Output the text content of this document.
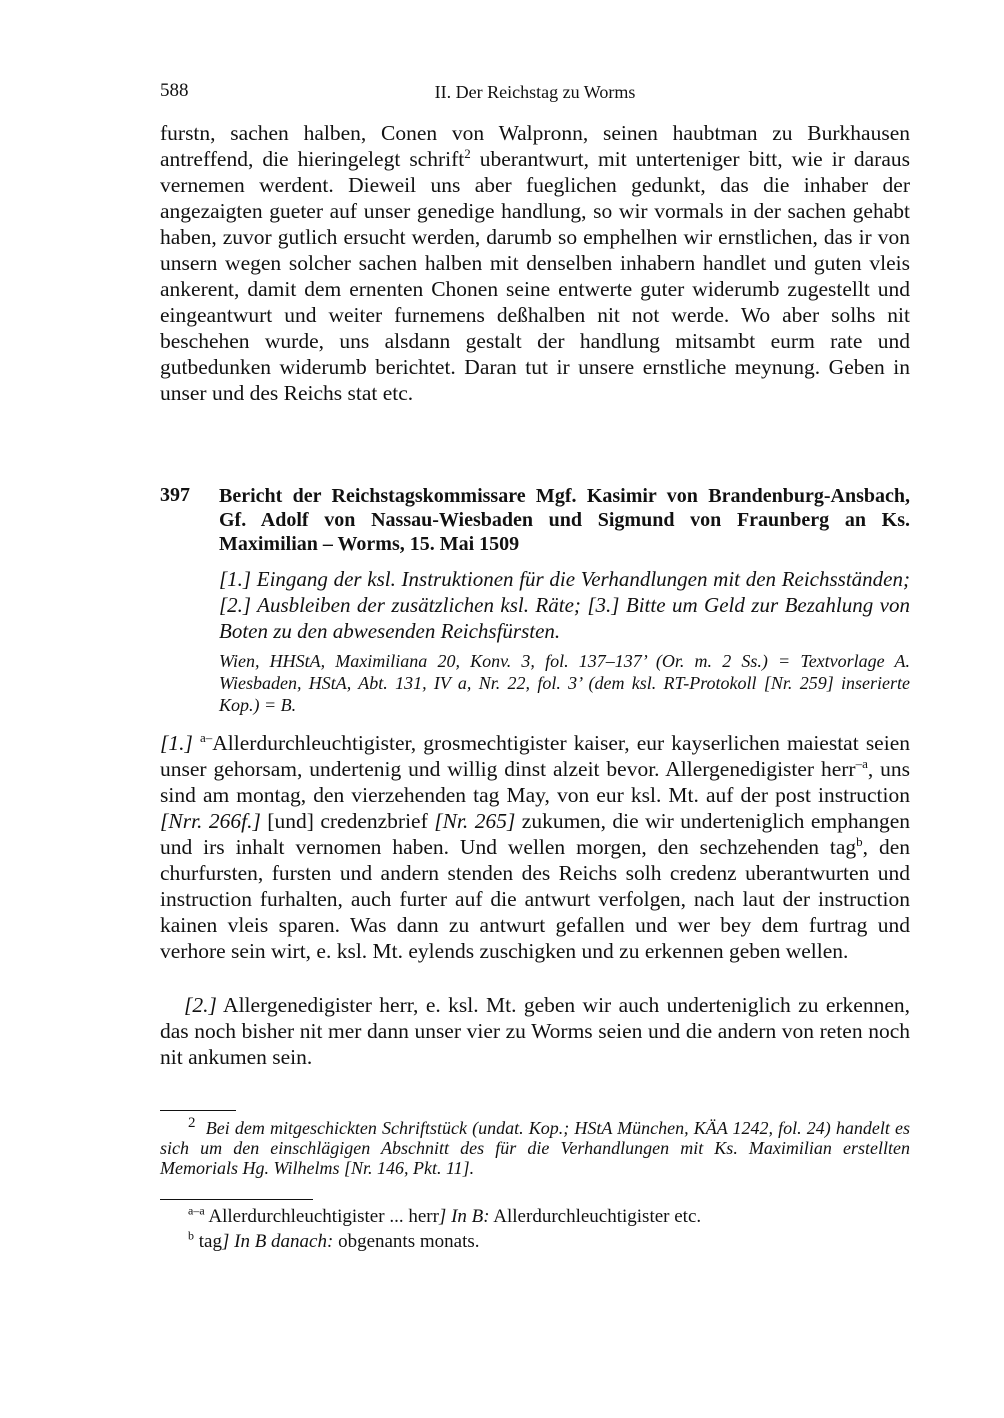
588	II. Der Reichstag zu Worms

furstn, sachen halben, Conen von Walpronn, seinen haubtman zu Burkhausen antreffend, die hieringelegt schrift$^2$ uberantwurt, mit unterteniger bitt, wie ir daraus vernemen werdent. Dieweil uns aber fueglichen gedunkt, das die inhaber der angezaigten gueter auf unser genedige handlung, so wir vormals in der sachen gehabt haben, zuvor gutlich ersucht werden, darumb so emphelhen wir ernstlichen, das ir von unsern wegen solcher sachen halben mit denselben inhabern handlet und guten vleis ankerent, damit dem ernenten Chonen seine entwerte guter widerumb zugestellt und eingeantwurt und weiter furnemens deßhalben nit not werde. Wo aber solhs nit beschehen wurde, uns alsdann gestalt der handlung mitsambt eurm rate und gutbedunken widerumb berichtet. Daran tut ir unsere ernstliche meynung. Geben in unser und des Reichs stat etc.

397 Bericht der Reichstagskommissare Mgf. Kasimir von Brandenburg-Ansbach, Gf. Adolf von Nassau-Wiesbaden und Sigmund von Fraunberg an Ks. Maximilian – Worms, 15. Mai 1509

[1.] Eingang der ksl. Instruktionen für die Verhandlungen mit den Reichsständen; [2.] Ausbleiben der zusätzlichen ksl. Räte; [3.] Bitte um Geld zur Bezahlung von Boten zu den abwesenden Reichsfürsten.

Wien, HHStA, Maximiliana 20, Konv. 3, fol. 137–137’ (Or. m. 2 Ss.) = Textvorlage A. Wiesbaden, HStA, Abt. 131, IV a, Nr. 22, fol. 3’ (dem ksl. RT-Protokoll [Nr. 259] inserierte Kop.) = B.

[1.] $^{a-}$Allerdurchleuchtigister, grosmechtigister kaiser, eur kayserlichen maiestat seien unser gehorsam, undertenig und willig dinst alzeit bevor. Allergenedigister herr$^{-a}$, uns sind am montag, den vierzehenden tag May, von eur ksl. Mt. auf der post instruction [Nrr. 266f.] [und] credenzbrief [Nr. 265] zukumen, die wir underteniglich emphangen und irs inhalt vernomen haben. Und wellen morgen, den sechzehenden tag$^b$, den churfursten, fursten und andern stenden des Reichs solh credenz uberantwurten und instruction furhalten, auch furter auf die antwurt verfolgen, nach laut der instruction kainen vleis sparen. Was dann zu antwurt gefallen und wer bey dem furtrag und verhore sein wirt, e. ksl. Mt. eylends zuschigken und zu erkennen geben wellen.

[2.] Allergenedigister herr, e. ksl. Mt. geben wir auch underteniglich zu erkennen, das noch bisher nit mer dann unser vier zu Worms seien und die andern von reten noch nit ankumen sein.

$^2$ Bei dem mitgeschickten Schriftstück (undat. Kop.; HStA München, KÄA 1242, fol. 24) handelt es sich um den einschlägigen Abschnitt des für die Verhandlungen mit Ks. Maximilian erstellten Memorials Hg. Wilhelms [Nr. 146, Pkt. 11].

$^{a-a}$ Allerdurchleuchtigister ... herr] In B: Allerdurchleuchtigister etc.

$^b$ tag] In B danach: obgenants monats.
